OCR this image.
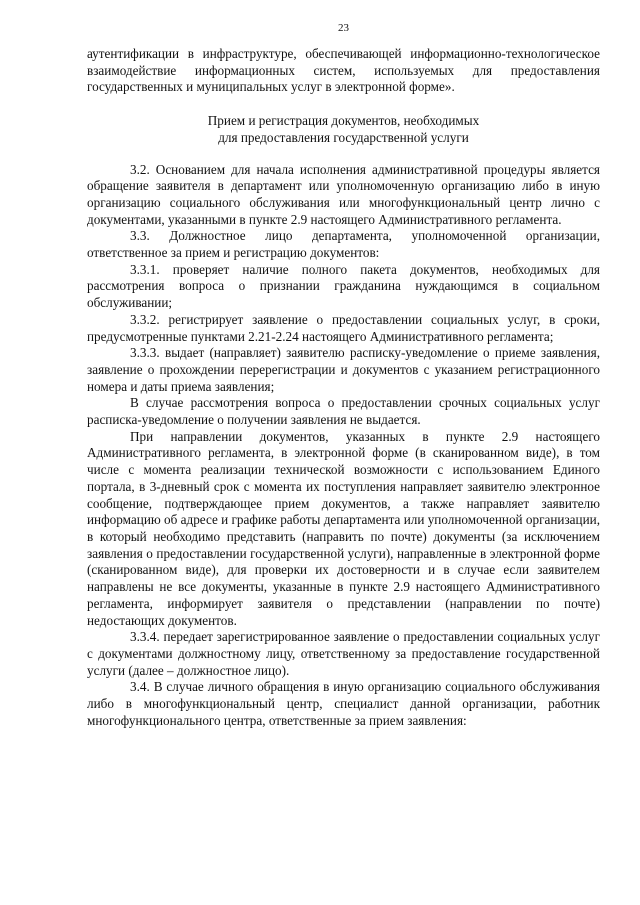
23

аутентификации в инфраструктуре, обеспечивающей информационно-технологическое взаимодействие информационных систем, используемых для предоставления государственных и муниципальных услуг в электронной форме».

Прием и регистрация документов, необходимых
для предоставления государственной услуги

3.2. Основанием для начала исполнения административной процедуры является обращение заявителя в департамент или уполномоченную организацию либо в иную организацию социального обслуживания или многофункциональный центр лично с документами, указанными в пункте 2.9 настоящего Административного регламента.

3.3. Должностное лицо департамента, уполномоченной организации, ответственное за прием и регистрацию документов:

3.3.1. проверяет наличие полного пакета документов, необходимых для рассмотрения вопроса о признании гражданина нуждающимся в социальном обслуживании;

3.3.2. регистрирует заявление о предоставлении социальных услуг, в сроки, предусмотренные пунктами 2.21-2.24 настоящего Административного регламента;

3.3.3. выдает (направляет) заявителю расписку-уведомление о приеме заявления, заявление о прохождении перерегистрации и документов с указанием регистрационного номера и даты приема заявления;

В случае рассмотрения вопроса о предоставлении срочных социальных услуг расписка-уведомление о получении заявления не выдается.

При направлении документов, указанных в пункте 2.9 настоящего Административного регламента, в электронной форме (в сканированном виде), в том числе с момента реализации технической возможности с использованием Единого портала, в 3-дневный срок с момента их поступления направляет заявителю электронное сообщение, подтверждающее прием документов, а также направляет заявителю информацию об адресе и графике работы департамента или уполномоченной организации, в который необходимо представить (направить по почте) документы (за исключением заявления о предоставлении государственной услуги), направленные в электронной форме (сканированном виде), для проверки их достоверности и в случае если заявителем направлены не все документы, указанные в пункте 2.9 настоящего Административного регламента, информирует заявителя о представлении (направлении по почте) недостающих документов.

3.3.4. передает зарегистрированное заявление о предоставлении социальных услуг с документами должностному лицу, ответственному за предоставление государственной услуги (далее – должностное лицо).

3.4. В случае личного обращения в иную организацию социального обслуживания либо в многофункциональный центр, специалист данной организации, работник многофункционального центра, ответственные за прием заявления:
